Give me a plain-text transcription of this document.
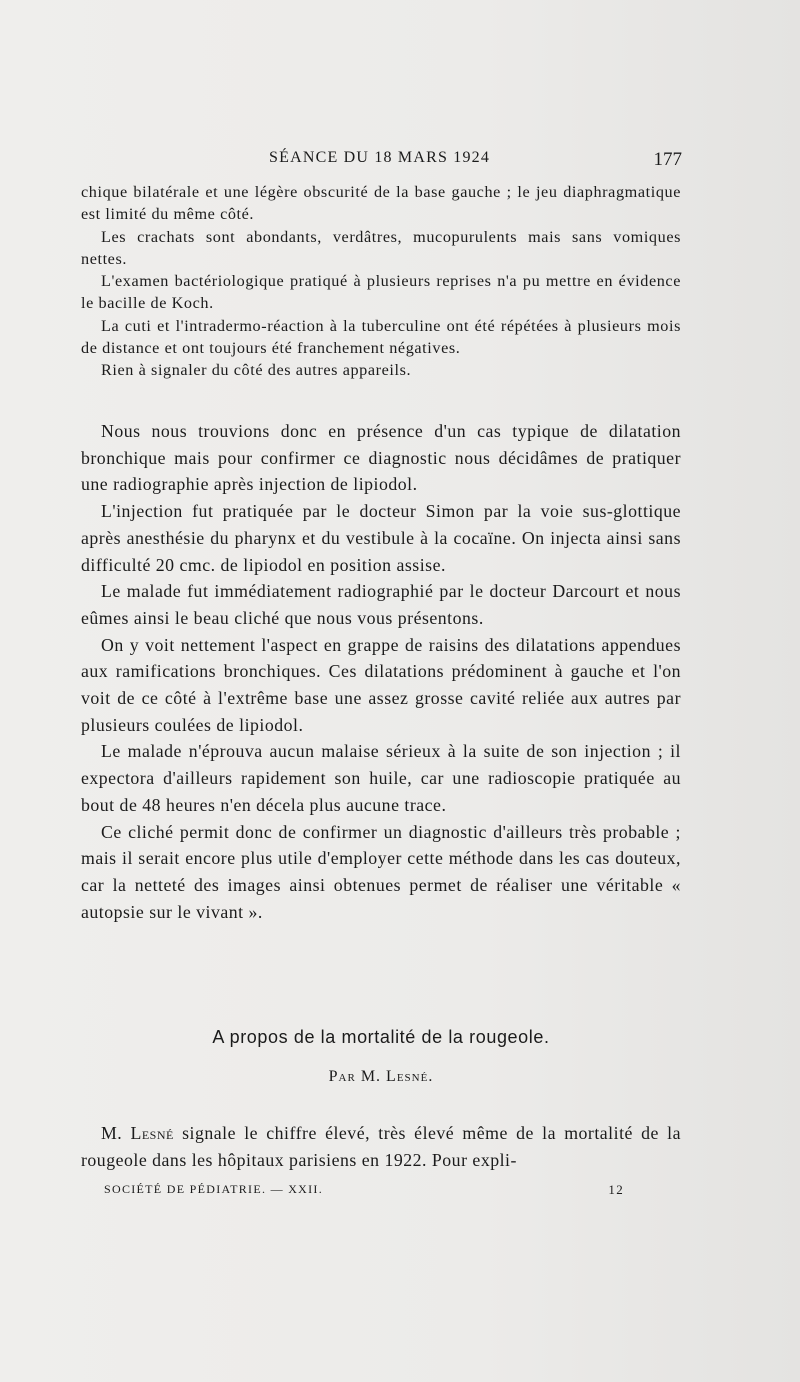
SÉANCE DU 18 MARS 1924	177

chique bilatérale et une légère obscurité de la base gauche ; le jeu diaphragmatique est limité du même côté.

Les crachats sont abondants, verdâtres, mucopurulents mais sans vomiques nettes.

L'examen bactériologique pratiqué à plusieurs reprises n'a pu mettre en évidence le bacille de Koch.

La cuti et l'intradermo-réaction à la tuberculine ont été répétées à plusieurs mois de distance et ont toujours été franchement négatives.

Rien à signaler du côté des autres appareils.

Nous nous trouvions donc en présence d'un cas typique de dilatation bronchique mais pour confirmer ce diagnostic nous décidâmes de pratiquer une radiographie après injection de lipiodol.

L'injection fut pratiquée par le docteur Simon par la voie sus-glottique après anesthésie du pharynx et du vestibule à la cocaïne. On injecta ainsi sans difficulté 20 cmc. de lipiodol en position assise.

Le malade fut immédiatement radiographié par le docteur Darcourt et nous eûmes ainsi le beau cliché que nous vous présentons.

On y voit nettement l'aspect en grappe de raisins des dilatations appendues aux ramifications bronchiques. Ces dilatations prédominent à gauche et l'on voit de ce côté à l'extrême base une assez grosse cavité reliée aux autres par plusieurs coulées de lipiodol.

Le malade n'éprouva aucun malaise sérieux à la suite de son injection ; il expectora d'ailleurs rapidement son huile, car une radioscopie pratiquée au bout de 48 heures n'en décela plus aucune trace.

Ce cliché permit donc de confirmer un diagnostic d'ailleurs très probable ; mais il serait encore plus utile d'employer cette méthode dans les cas douteux, car la netteté des images ainsi obtenues permet de réaliser une véritable « autopsie sur le vivant ».

A propos de la mortalité de la rougeole.
Par M. Lesné.

M. Lesné signale le chiffre élevé, très élevé même de la mortalité de la rougeole dans les hôpitaux parisiens en 1922. Pour expli-

SOCIÉTÉ DE PÉDIATRIE. — XXII.	12
